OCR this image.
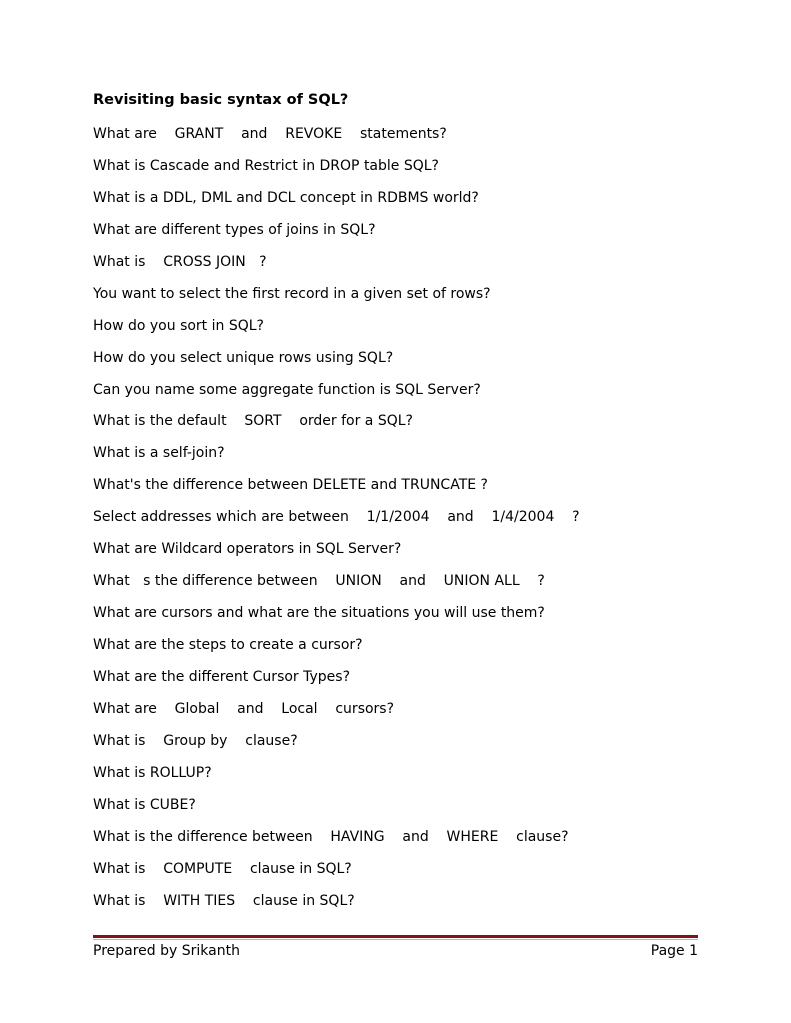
Revisiting basic syntax of SQL?
What are    GRANT    and    REVOKE    statements?
What is Cascade and Restrict in DROP table SQL?
What is a DDL, DML and DCL concept in RDBMS world?
What are different types of joins in SQL?
What is    CROSS JOIN   ?
You want to select the first record in a given set of rows?
How do you sort in SQL?
How do you select unique rows using SQL?
Can you name some aggregate function is SQL Server?
What is the default    SORT    order for a SQL?
What is a self-join?
What's the difference between DELETE and TRUNCATE ?
Select addresses which are between    1/1/2004    and    1/4/2004    ?
What are Wildcard operators in SQL Server?
What   s the difference between    UNION    and    UNION ALL    ?
What are cursors and what are the situations you will use them?
What are the steps to create a cursor?
What are the different Cursor Types?
What are    Global    and    Local    cursors?
What is    Group by    clause?
What is ROLLUP?
What is CUBE?
What is the difference between    HAVING    and    WHERE    clause?
What is    COMPUTE    clause in SQL?
What is    WITH TIES    clause in SQL?
Prepared by Srikanth	Page 1
